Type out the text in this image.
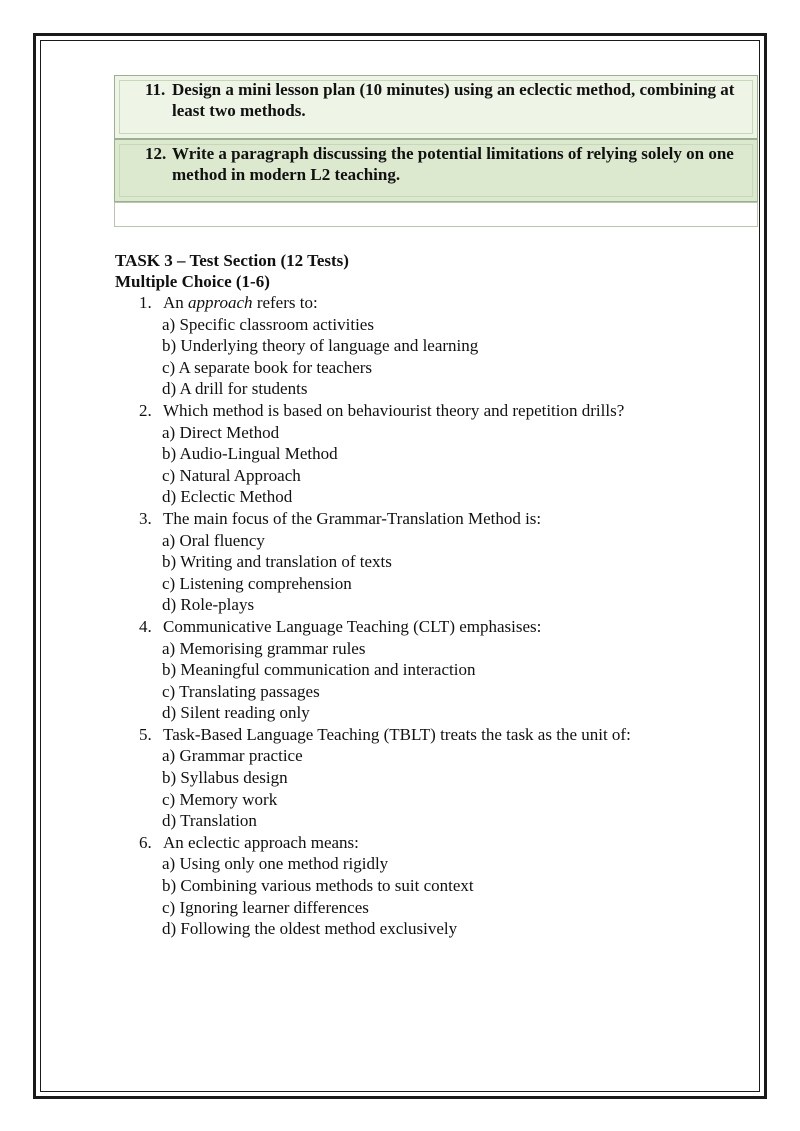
11. Design a mini lesson plan (10 minutes) using an eclectic method, combining at least two methods.
12. Write a paragraph discussing the potential limitations of relying solely on one method in modern L2 teaching.
TASK 3 – Test Section (12 Tests)
Multiple Choice (1-6)
1. An approach refers to:
a) Specific classroom activities
b) Underlying theory of language and learning
c) A separate book for teachers
d) A drill for students
2. Which method is based on behaviourist theory and repetition drills?
a) Direct Method
b) Audio-Lingual Method
c) Natural Approach
d) Eclectic Method
3. The main focus of the Grammar-Translation Method is:
a) Oral fluency
b) Writing and translation of texts
c) Listening comprehension
d) Role-plays
4. Communicative Language Teaching (CLT) emphasises:
a) Memorising grammar rules
b) Meaningful communication and interaction
c) Translating passages
d) Silent reading only
5. Task-Based Language Teaching (TBLT) treats the task as the unit of:
a) Grammar practice
b) Syllabus design
c) Memory work
d) Translation
6. An eclectic approach means:
a) Using only one method rigidly
b) Combining various methods to suit context
c) Ignoring learner differences
d) Following the oldest method exclusively
